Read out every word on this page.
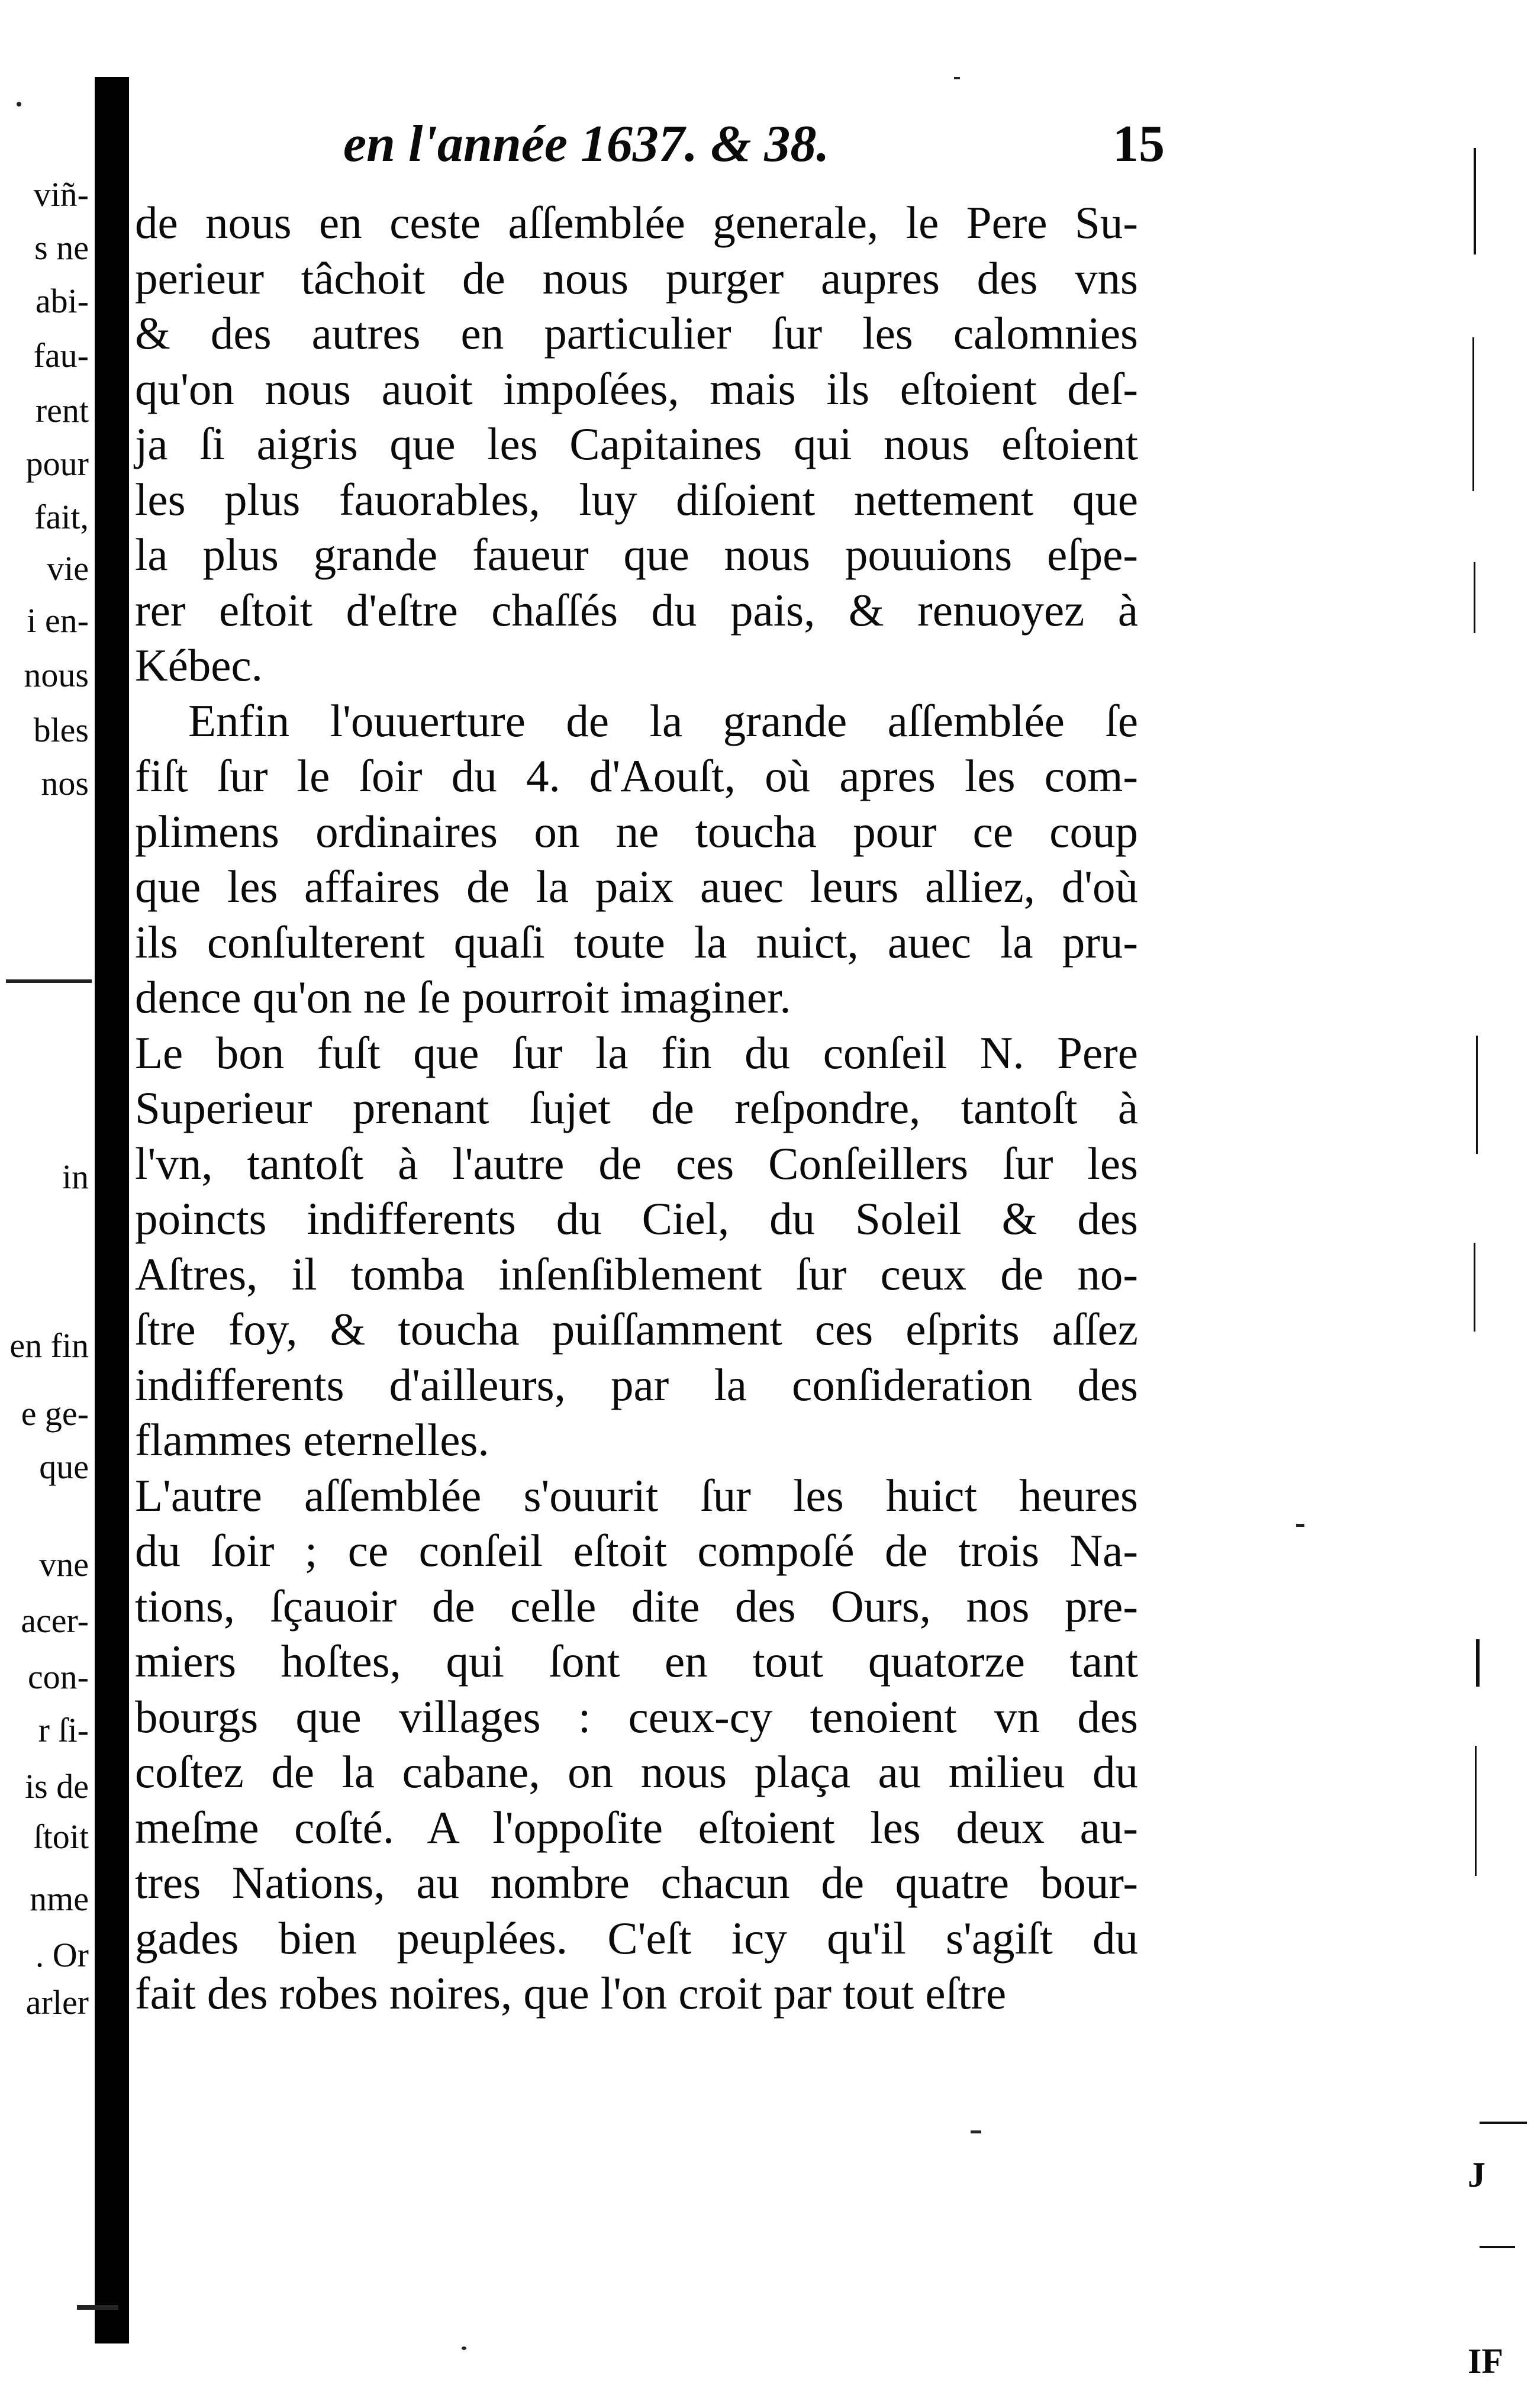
viñ-
s ne
abi-
fau-
rent
pour
fait,
vie
i en-
nous
bles
nos
in
en fin
e ge-
que
vne
acer-
con-
r ſi-
is de
ſtoit
nme
. Or
arler
en l'année 1637. & 38.	15
de nous en ceste aſſemblée generale, le Pere Su-
perieur tâchoit de nous purger aupres des vns
& des autres en particulier ſur les calomnies
qu'on nous auoit impoſées, mais ils eſtoient deſ-
ja ſi aigris que les Capitaines qui nous eſtoient
les plus fauorables, luy diſoient nettement que
la plus grande faueur que nous pouuions eſpe-
rer eſtoit d'eſtre chaſſés du pais, & renuoyez à
Kébec.
Enfin l'ouuerture de la grande aſſemblée ſe
fiſt ſur le ſoir du 4. d'Aouſt, où apres les com-
plimens ordinaires on ne toucha pour ce coup
que les affaires de la paix auec leurs alliez, d'où
ils conſulterent quaſi toute la nuict, auec la pru-
dence qu'on ne ſe pourroit imaginer.
Le bon fuſt que ſur la fin du conſeil N. Pere
Superieur prenant ſujet de reſpondre, tantoſt à
l'vn, tantoſt à l'autre de ces Conſeillers ſur les
poincts indifferents du Ciel, du Soleil & des
Aſtres, il tomba inſenſiblement ſur ceux de no-
ſtre foy, & toucha puiſſamment ces eſprits aſſez
indifferents d'ailleurs, par la conſideration des
flammes eternelles.
L'autre aſſemblée s'ouurit ſur les huict heures
du ſoir ; ce conſeil eſtoit compoſé de trois Na-
tions, ſçauoir de celle dite des Ours, nos pre-
miers hoſtes, qui ſont en tout quatorze tant
bourgs que villages : ceux-cy tenoient vn des
coſtez de la cabane, on nous plaça au milieu du
meſme coſté. A l'oppoſite eſtoient les deux au-
tres Nations, au nombre chacun de quatre bour-
gades bien peuplées. C'eſt icy qu'il s'agiſt du
fait des robes noires, que l'on croit par tout eſtre
J
IF
